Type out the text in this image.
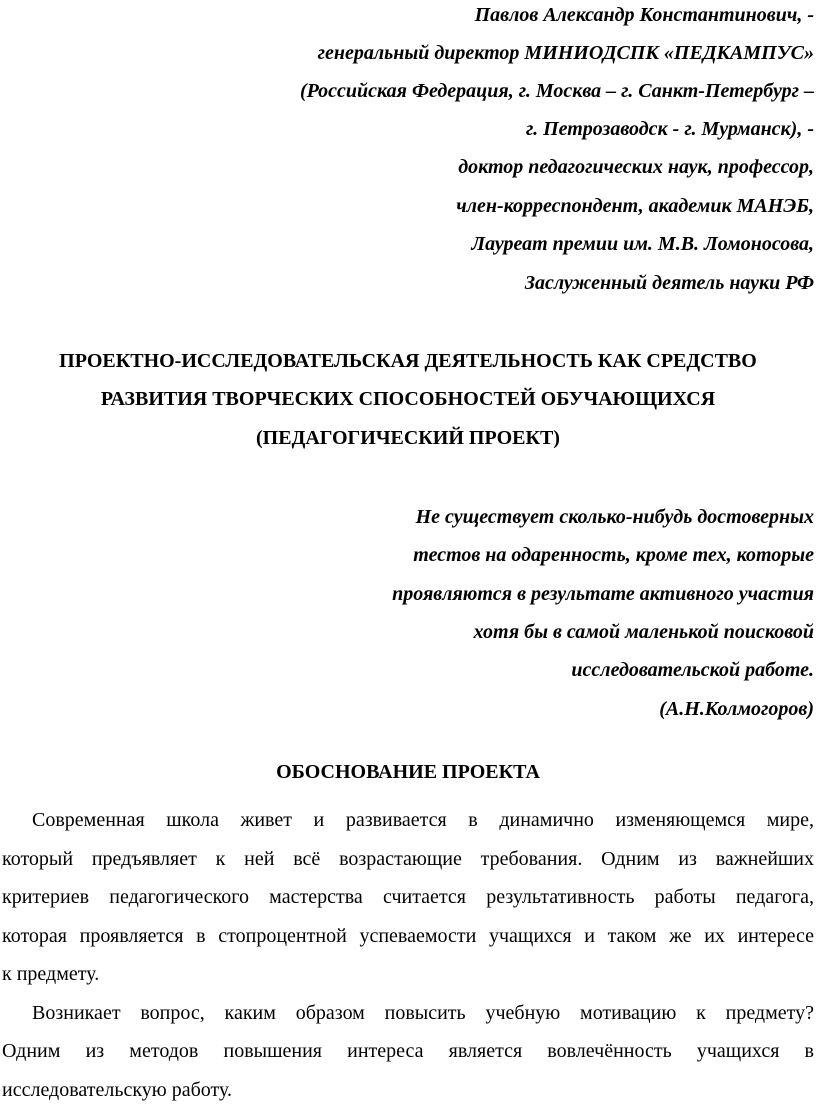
Павлов Александр Константинович, -
генеральный директор МИНИОДСПК «ПЕДКАМПУС»
(Российская Федерация, г. Москва – г. Санкт-Петербург –
г. Петрозаводск - г. Мурманск), -
доктор педагогических наук, профессор,
член-корреспондент, академик МАНЭБ,
Лауреат премии им. М.В. Ломоносова,
Заслуженный деятель науки РФ
ПРОЕКТНО-ИССЛЕДОВАТЕЛЬСКАЯ ДЕЯТЕЛЬНОСТЬ КАК СРЕДСТВО
РАЗВИТИЯ ТВОРЧЕСКИХ СПОСОБНОСТЕЙ ОБУЧАЮЩИХСЯ
(ПЕДАГОГИЧЕСКИЙ ПРОЕКТ)
Не существует сколько-нибудь достоверных
тестов на одаренность, кроме тех, которые
проявляются в результате активного участия
хотя бы в самой маленькой поисковой
исследовательской работе.
(А.Н.Колмогоров)
ОБОСНОВАНИЕ ПРОЕКТА
Современная школа живет и развивается в динамично изменяющемся мире,
который предъявляет к ней всё возрастающие требования. Одним из важнейших
критериев педагогического мастерства считается результативность работы педагога,
которая проявляется в стопроцентной успеваемости учащихся и таком же их интересе
к предмету.
Возникает вопрос, каким образом повысить учебную мотивацию к предмету?
Одним из методов повышения интереса является вовлечённость учащихся в
исследовательскую работу.
